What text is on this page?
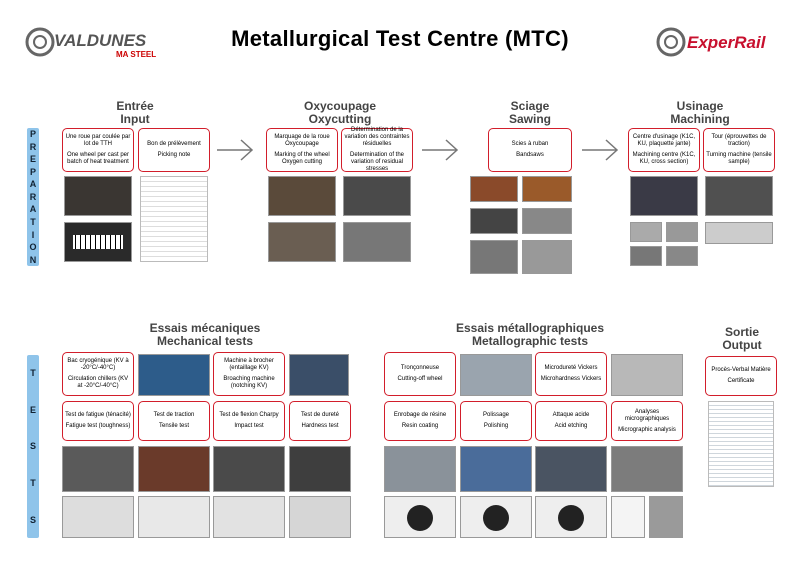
VALDUNES
MA STEEL
Metallurgical Test Centre (MTC)	ExperRail
P
R
E
P
A
R
A
T
I
O
N
T
E
S
T
S
Entrée
Input
Oxycoupage
Oxycutting
Sciage
Sawing
Usinage
Machining
Essais mécaniques
Mechanical tests
Essais métallographiques
Metallographic tests
Sortie
Output
Une roue par coulée par lot de TTH
One wheel per cast per batch of heat treatment
Bon de prélèvement
Picking note
Marquage de la roue Oxycoupage
Marking of the wheel Oxygen cutting
Détermination de la variation des contraintes résiduelles
Determination of the variation of residual stresses
Scies à ruban
Bandsaws
Centre d'usinage (K1C, KU, plaquette jante)
Machining centre (K1C, KU, cross section)
Tour (éprouvettes de traction)
Turning machine (tensile sample)
Bac cryogénique (KV à -20°C/-40°C)
Circulation chillers (KV at -20°C/-40°C)
Machine à brocher (entaillage KV)
Broaching machine (notching KV)
Test de fatigue (ténacité)
Fatigue test (toughness)
Test de traction
Tensile test
Test de flexion Charpy
Impact test
Test de dureté
Hardness test
Tronçonneuse
Cutting-off wheel
Microdureté Vickers
Microhardness Vickers
Enrobage de résine
Resin coating
Polissage
Polishing
Attaque acide
Acid etching
Analyses micrographiques
Micrographic analysis
Procès-Verbal Matière
Certificate
